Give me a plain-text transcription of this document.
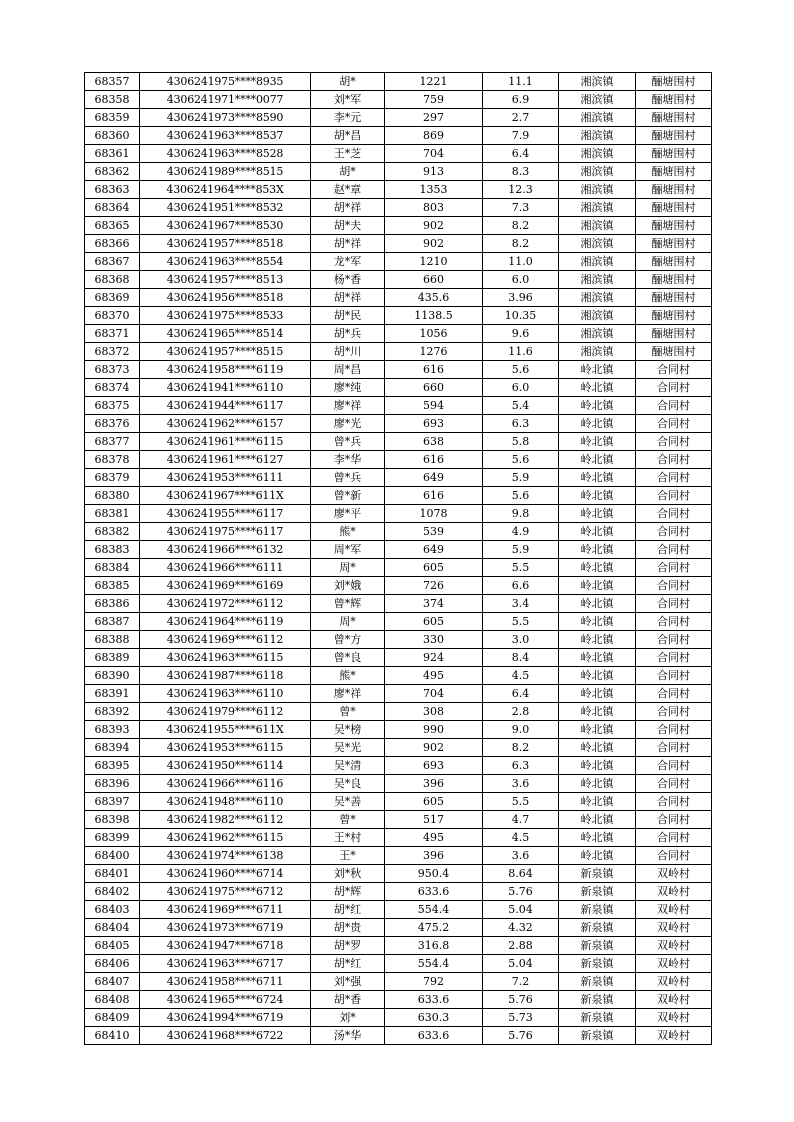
68357	4306241975****8935	胡*	1221	11.1	湘滨镇	酾塘围村
68358	4306241971****0077	刘*军	759	6.9	湘滨镇	酾塘围村
68359	4306241973****8590	李*元	297	2.7	湘滨镇	酾塘围村
68360	4306241963****8537	胡*昌	869	7.9	湘滨镇	酾塘围村
68361	4306241963****8528	王*芝	704	6.4	湘滨镇	酾塘围村
68362	4306241989****8515	胡*	913	8.3	湘滨镇	酾塘围村
68363	4306241964****853X	赵*章	1353	12.3	湘滨镇	酾塘围村
68364	4306241951****8532	胡*祥	803	7.3	湘滨镇	酾塘围村
68365	4306241967****8530	胡*夫	902	8.2	湘滨镇	酾塘围村
68366	4306241957****8518	胡*祥	902	8.2	湘滨镇	酾塘围村
68367	4306241963****8554	龙*军	1210	11.0	湘滨镇	酾塘围村
68368	4306241957****8513	杨*香	660	6.0	湘滨镇	酾塘围村
68369	4306241956****8518	胡*祥	435.6	3.96	湘滨镇	酾塘围村
68370	4306241975****8533	胡*民	1138.5	10.35	湘滨镇	酾塘围村
68371	4306241965****8514	胡*兵	1056	9.6	湘滨镇	酾塘围村
68372	4306241957****8515	胡*川	1276	11.6	湘滨镇	酾塘围村
68373	4306241958****6119	周*昌	616	5.6	岭北镇	合同村
68374	4306241941****6110	廖*纯	660	6.0	岭北镇	合同村
68375	4306241944****6117	廖*祥	594	5.4	岭北镇	合同村
68376	4306241962****6157	廖*光	693	6.3	岭北镇	合同村
68377	4306241961****6115	曾*兵	638	5.8	岭北镇	合同村
68378	4306241961****6127	李*华	616	5.6	岭北镇	合同村
68379	4306241953****6111	曾*兵	649	5.9	岭北镇	合同村
68380	4306241967****611X	曾*新	616	5.6	岭北镇	合同村
68381	4306241955****6117	廖*平	1078	9.8	岭北镇	合同村
68382	4306241975****6117	熊*	539	4.9	岭北镇	合同村
68383	4306241966****6132	周*军	649	5.9	岭北镇	合同村
68384	4306241966****6111	周*	605	5.5	岭北镇	合同村
68385	4306241969****6169	刘*娥	726	6.6	岭北镇	合同村
68386	4306241972****6112	曾*辉	374	3.4	岭北镇	合同村
68387	4306241964****6119	周*	605	5.5	岭北镇	合同村
68388	4306241969****6112	曾*方	330	3.0	岭北镇	合同村
68389	4306241963****6115	曾*良	924	8.4	岭北镇	合同村
68390	4306241987****6118	熊*	495	4.5	岭北镇	合同村
68391	4306241963****6110	廖*祥	704	6.4	岭北镇	合同村
68392	4306241979****6112	曾*	308	2.8	岭北镇	合同村
68393	4306241955****611X	吴*榜	990	9.0	岭北镇	合同村
68394	4306241953****6115	吴*光	902	8.2	岭北镇	合同村
68395	4306241950****6114	吴*清	693	6.3	岭北镇	合同村
68396	4306241966****6116	吴*良	396	3.6	岭北镇	合同村
68397	4306241948****6110	吴*善	605	5.5	岭北镇	合同村
68398	4306241982****6112	曾*	517	4.7	岭北镇	合同村
68399	4306241962****6115	王*村	495	4.5	岭北镇	合同村
68400	4306241974****6138	王*	396	3.6	岭北镇	合同村
68401	4306241960****6714	刘*秋	950.4	8.64	新泉镇	双岭村
68402	4306241975****6712	胡*辉	633.6	5.76	新泉镇	双岭村
68403	4306241969****6711	胡*红	554.4	5.04	新泉镇	双岭村
68404	4306241973****6719	胡*贵	475.2	4.32	新泉镇	双岭村
68405	4306241947****6718	胡*罗	316.8	2.88	新泉镇	双岭村
68406	4306241963****6717	胡*红	554.4	5.04	新泉镇	双岭村
68407	4306241958****6711	刘*强	792	7.2	新泉镇	双岭村
68408	4306241965****6724	胡*香	633.6	5.76	新泉镇	双岭村
68409	4306241994****6719	刘*	630.3	5.73	新泉镇	双岭村
68410	4306241968****6722	汤*华	633.6	5.76	新泉镇	双岭村
